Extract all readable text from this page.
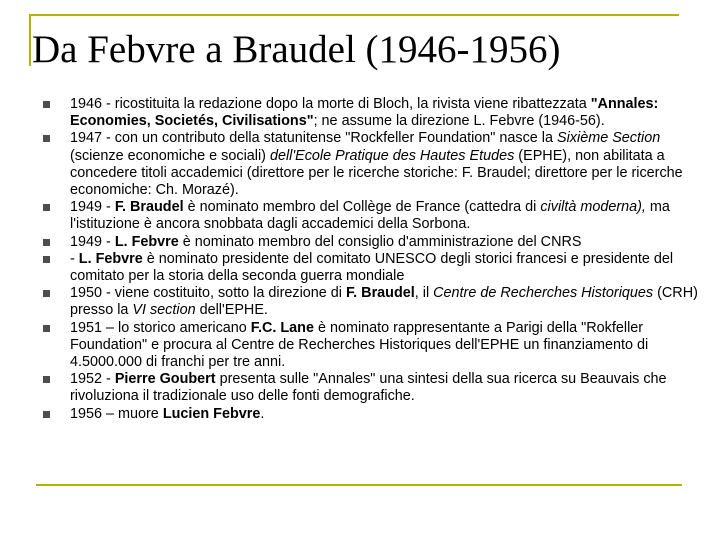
Da Febvre a Braudel (1946-1956)
1946 - ricostituita la redazione dopo la morte di Bloch, la rivista viene ribattezzata "Annales: Economies, Societés, Civilisations"; ne assume la direzione L. Febvre (1946-56).
1947 - con un contributo della statunitense "Rockfeller Foundation" nasce la Sixième Section (scienze economiche e sociali) dell'Ecole Pratique des Hautes Etudes (EPHE), non abilitata a concedere titoli accademici (direttore per le ricerche storiche: F. Braudel; direttore per le ricerche economiche: Ch. Morazé).
1949 - F. Braudel è nominato membro del Collège de France (cattedra di civiltà moderna), ma l'istituzione è ancora snobbata dagli accademici della Sorbona.
1949 - L. Febvre è nominato membro del consiglio d'amministrazione del CNRS
- L. Febvre è nominato presidente del comitato UNESCO degli storici francesi e presidente del comitato per la storia della seconda guerra mondiale
1950 - viene costituito, sotto la direzione di F. Braudel, il Centre de Recherches Historiques (CRH) presso la VI section dell'EPHE.
1951 – lo storico americano F.C. Lane è nominato rappresentante a Parigi della "Rokfeller Foundation" e procura al Centre de Recherches Historiques dell'EPHE un finanziamento di 4.5000.000 di franchi per tre anni.
1952 - Pierre Goubert presenta sulle "Annales" una sintesi della sua ricerca su Beauvais che rivoluziona il tradizionale uso delle fonti demografiche.
1956 – muore Lucien Febvre.
